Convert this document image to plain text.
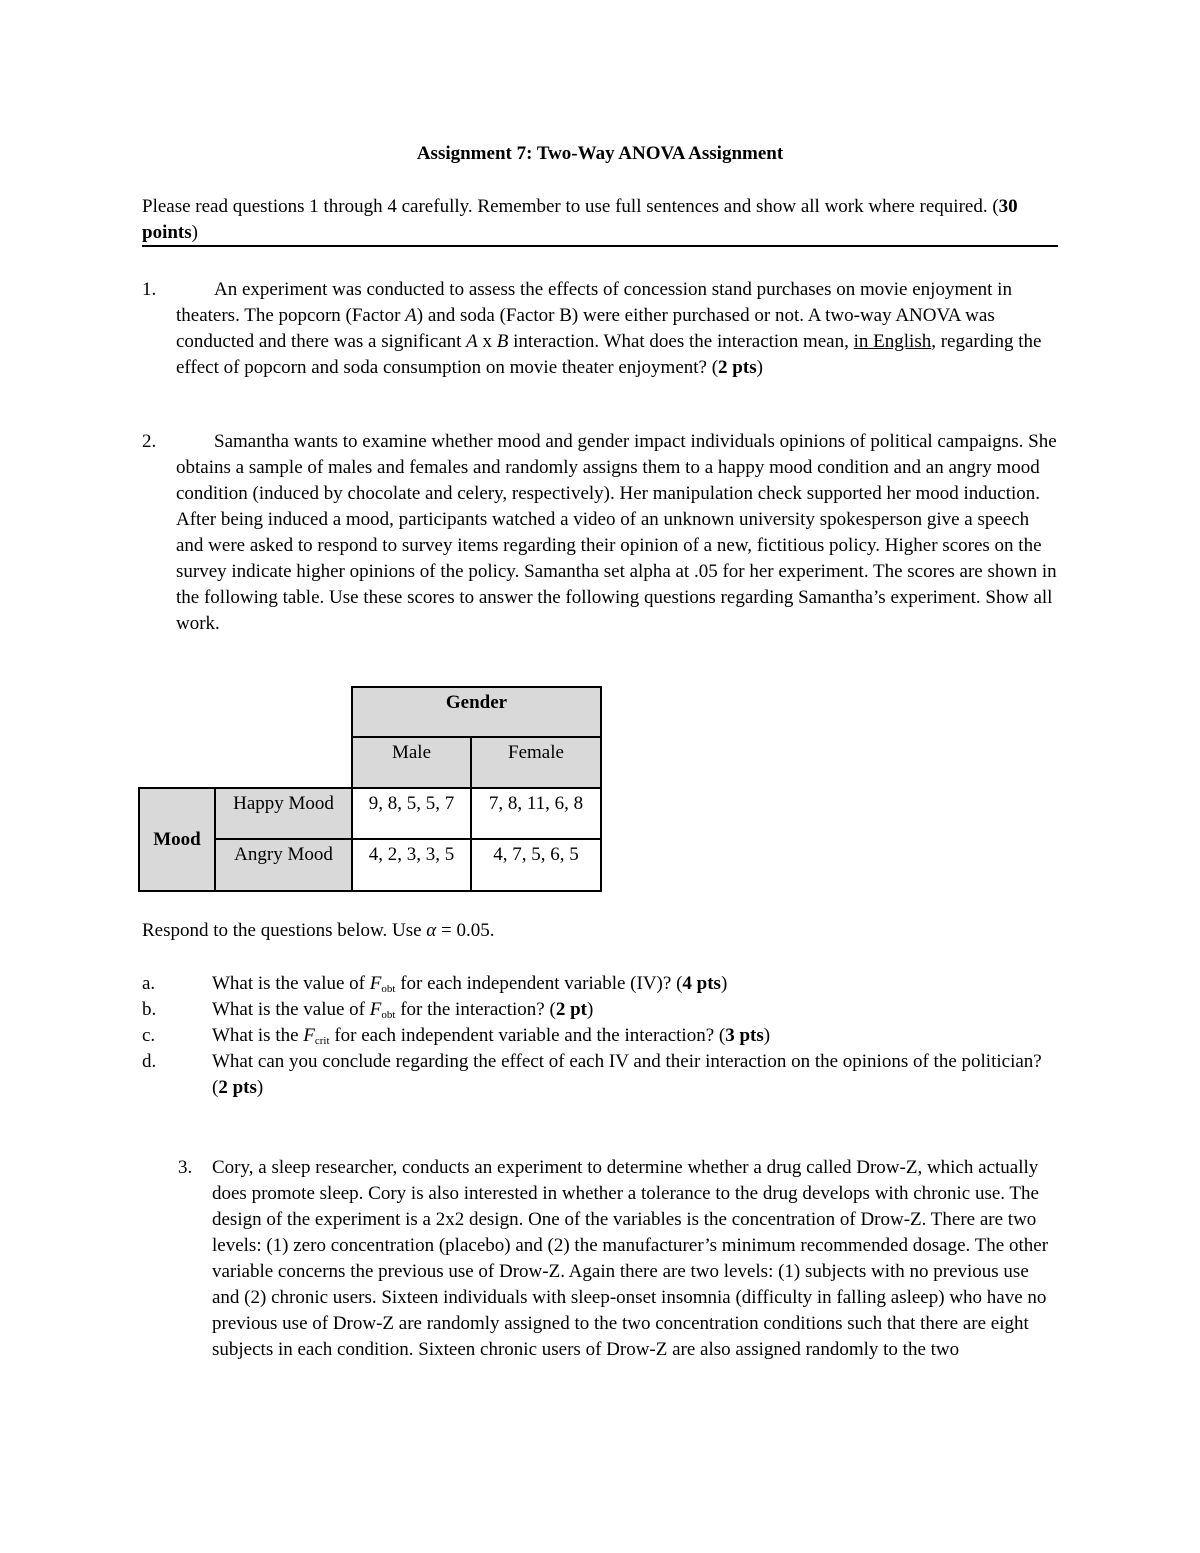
Assignment 7: Two-Way ANOVA Assignment
Please read questions 1 through 4 carefully. Remember to use full sentences and show all work where required. (30 points)
1.	An experiment was conducted to assess the effects of concession stand purchases on movie enjoyment in theaters. The popcorn (Factor A) and soda (Factor B) were either purchased or not. A two-way ANOVA was conducted and there was a significant A x B interaction. What does the interaction mean, in English, regarding the effect of popcorn and soda consumption on movie theater enjoyment? (2 pts)
2.	Samantha wants to examine whether mood and gender impact individuals opinions of political campaigns. She obtains a sample of males and females and randomly assigns them to a happy mood condition and an angry mood condition (induced by chocolate and celery, respectively). Her manipulation check supported her mood induction. After being induced a mood, participants watched a video of an unknown university spokesperson give a speech and were asked to respond to survey items regarding their opinion of a new, fictitious policy. Higher scores on the survey indicate higher opinions of the policy. Samantha set alpha at .05 for her experiment. The scores are shown in the following table. Use these scores to answer the following questions regarding Samantha’s experiment. Show all work.
		Gender	
		Male	Female
Mood	Happy Mood	9, 8, 5, 5, 7	7, 8, 11, 6, 8
	Angry Mood	4, 2, 3, 3, 5	4, 7, 5, 6, 5
Respond to the questions below. Use α = 0.05.
a.	What is the value of $F_{obt}$ for each independent variable (IV)? (4 pts)
b.	What is the value of $F_{obt}$ for the interaction? (2 pt)
c.	What is the $F_{crit}$ for each independent variable and the interaction? (3 pts)
d.	What can you conclude regarding the effect of each IV and their interaction on the opinions of the politician? (2 pts)
3. Cory, a sleep researcher, conducts an experiment to determine whether a drug called Drow-Z, which actually does promote sleep. Cory is also interested in whether a tolerance to the drug develops with chronic use. The design of the experiment is a 2x2 design. One of the variables is the concentration of Drow-Z. There are two levels: (1) zero concentration (placebo) and (2) the manufacturer’s minimum recommended dosage. The other variable concerns the previous use of Drow-Z. Again there are two levels: (1) subjects with no previous use and (2) chronic users. Sixteen individuals with sleep-onset insomnia (difficulty in falling asleep) who have no previous use of Drow-Z are randomly assigned to the two concentration conditions such that there are eight subjects in each condition. Sixteen chronic users of Drow-Z are also assigned randomly to the two
